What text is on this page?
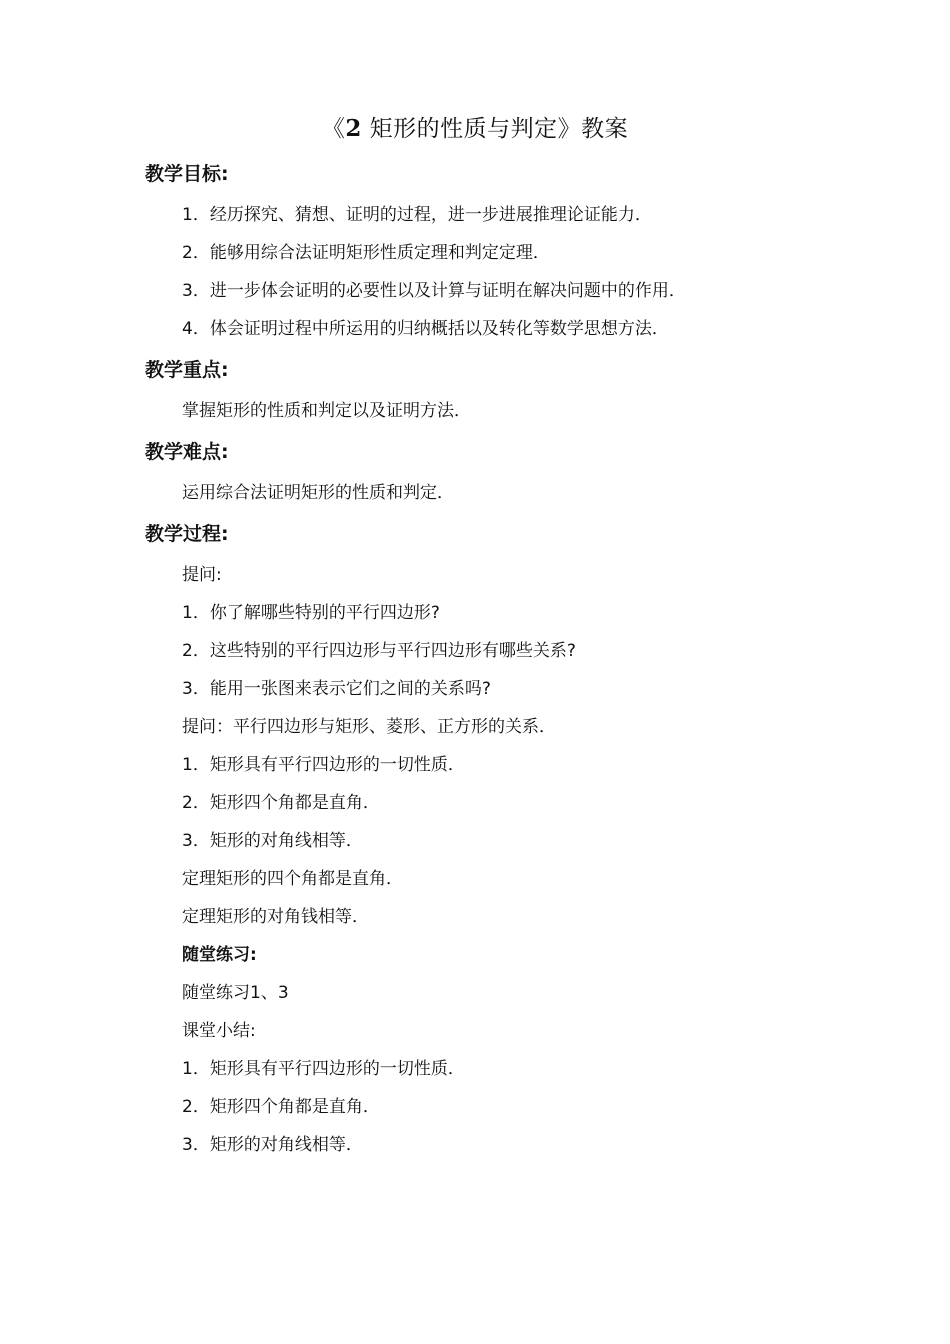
《2 矩形的性质与判定》教案
教学目标:
1．经历探究、猜想、证明的过程，进一步进展推理论证能力．
2．能够用综合法证明矩形性质定理和判定定理．
3．进一步体会证明的必要性以及计算与证明在解决问题中的作用．
4．体会证明过程中所运用的归纳概括以及转化等数学思想方法．
教学重点:
掌握矩形的性质和判定以及证明方法．
教学难点:
运用综合法证明矩形的性质和判定．
教学过程:
提问:
1．你了解哪些特别的平行四边形?
2．这些特别的平行四边形与平行四边形有哪些关系?
3．能用一张图来表示它们之间的关系吗?
提问：平行四边形与矩形、菱形、正方形的关系．
1．矩形具有平行四边形的一切性质．
2．矩形四个角都是直角．
3．矩形的对角线相等．
定理矩形的四个角都是直角．
定理矩形的对角钱相等．
随堂练习:
随堂练习1、3
课堂小结:
1．矩形具有平行四边形的一切性质．
2．矩形四个角都是直角．
3．矩形的对角线相等．
